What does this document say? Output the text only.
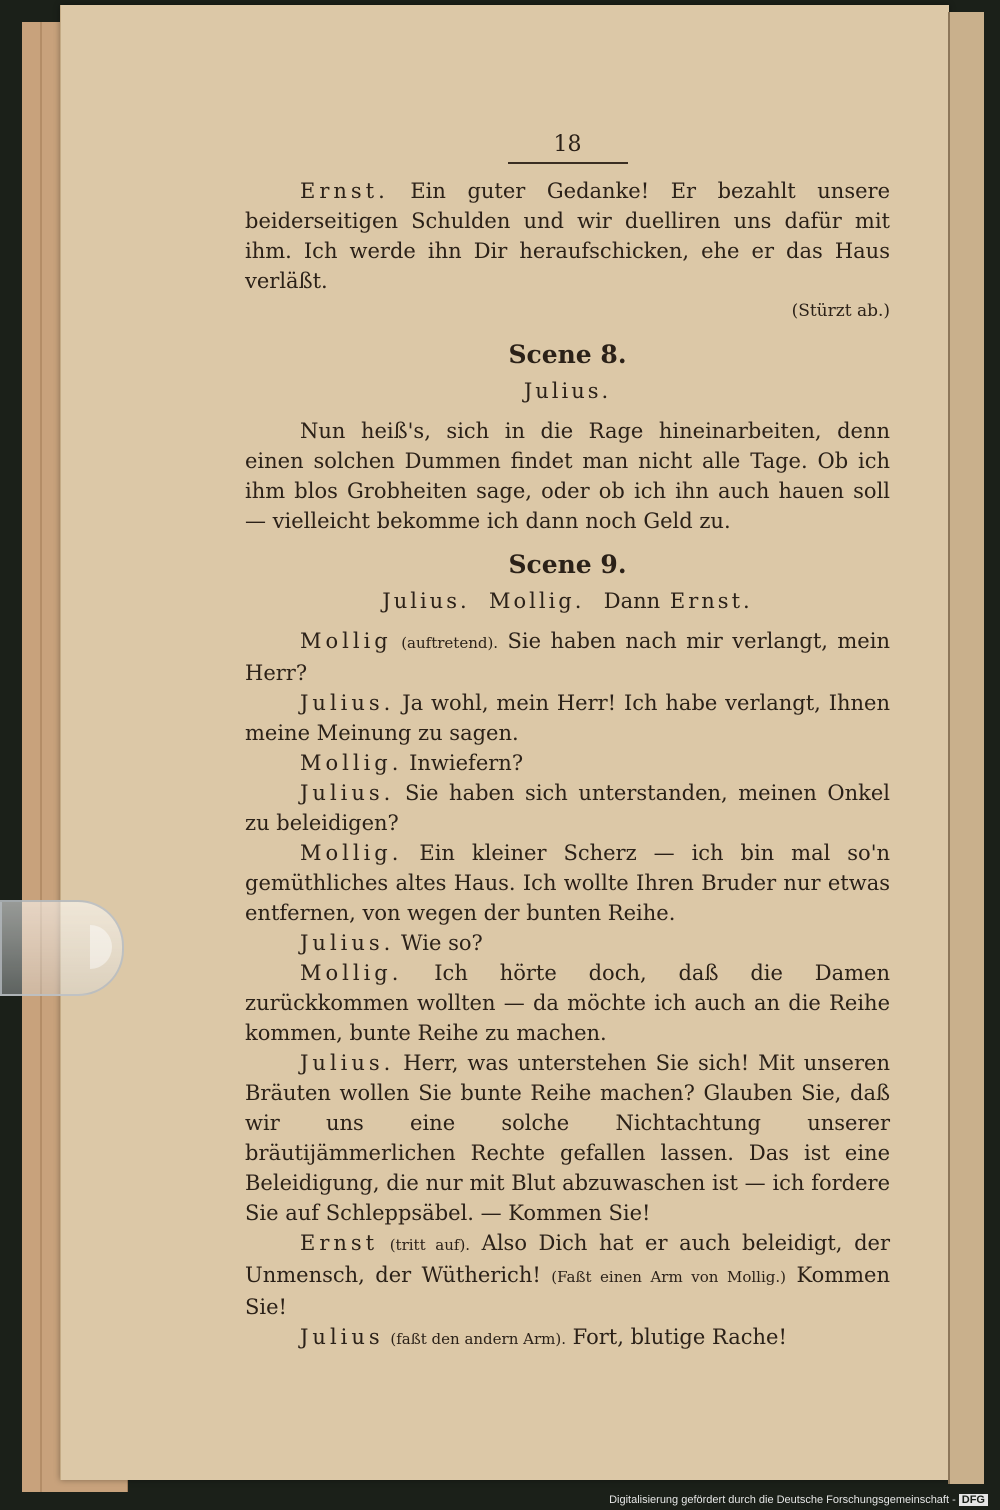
18

Ernst. Ein guter Gedanke! Er bezahlt unsere beiderseitigen Schulden und wir duelliren uns dafür mit ihm. Ich werde ihn Dir heraufschicken, ehe er das Haus verläßt.

(Stürzt ab.)

Scene 8.
Julius.

Nun heiß's, sich in die Rage hineinarbeiten, denn einen solchen Dummen findet man nicht alle Tage. Ob ich ihm blos Grobheiten sage, oder ob ich ihn auch hauen soll — vielleicht bekomme ich dann noch Geld zu.

Scene 9.
Julius. Mollig. Dann Ernst.

Mollig (auftretend). Sie haben nach mir verlangt, mein Herr?

Julius. Ja wohl, mein Herr! Ich habe verlangt, Ihnen meine Meinung zu sagen.

Mollig. Inwiefern?

Julius. Sie haben sich unterstanden, meinen Onkel zu beleidigen?

Mollig. Ein kleiner Scherz — ich bin mal so'n gemüthliches altes Haus. Ich wollte Ihren Bruder nur etwas entfernen, von wegen der bunten Reihe.

Julius. Wie so?

Mollig. Ich hörte doch, daß die Damen zurückkommen wollten — da möchte ich auch an die Reihe kommen, bunte Reihe zu machen.

Julius. Herr, was unterstehen Sie sich! Mit unseren Bräuten wollen Sie bunte Reihe machen? Glauben Sie, daß wir uns eine solche Nichtachtung unserer bräutijämmerlichen Rechte gefallen lassen. Das ist eine Beleidigung, die nur mit Blut abzuwaschen ist — ich fordere Sie auf Schleppsäbel. — Kommen Sie!

Ernst (tritt auf). Also Dich hat er auch beleidigt, der Unmensch, der Wütherich! (Faßt einen Arm von Mollig.) Kommen Sie!

Julius (faßt den andern Arm). Fort, blutige Rache!

Digitalisierung gefördert durch die Deutsche Forschungsgemeinschaft - DFG
